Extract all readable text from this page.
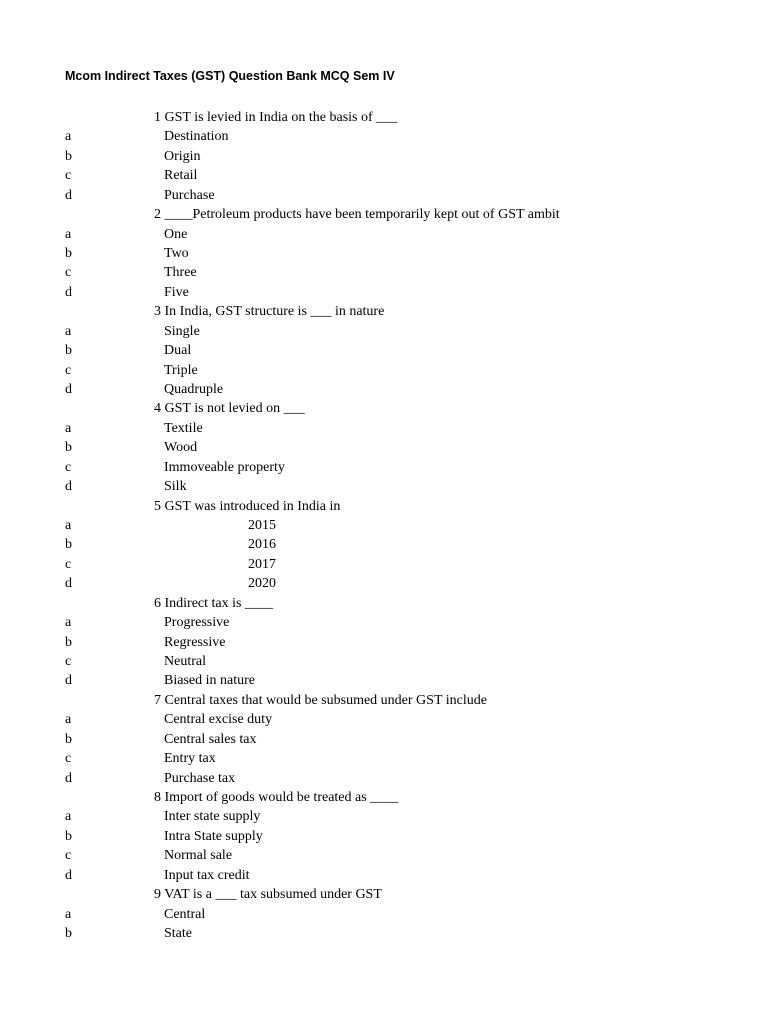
Mcom Indirect Taxes (GST) Question Bank MCQ Sem IV
1 GST is levied in India on the basis of ___
a	Destination
b	Origin
c	Retail
d	Purchase
2 ____Petroleum products have been temporarily kept out of GST ambit
a	One
b	Two
c	Three
d	Five
3 In India, GST structure is ___ in nature
a	Single
b	Dual
c	Triple
d	Quadruple
4 GST is not levied on ___
a	Textile
b	Wood
c	Immoveable property
d	Silk
5 GST was introduced in India in
a	2015
b	2016
c	2017
d	2020
6 Indirect tax is ____
a	Progressive
b	Regressive
c	Neutral
d	Biased in nature
7 Central taxes that would be subsumed under GST include
a	Central excise duty
b	Central sales tax
c	Entry tax
d	Purchase tax
8 Import of goods would be treated as ____
a	Inter state supply
b	Intra State supply
c	Normal sale
d	Input tax credit
9 VAT is a ___ tax subsumed under GST
a	Central
b	State
